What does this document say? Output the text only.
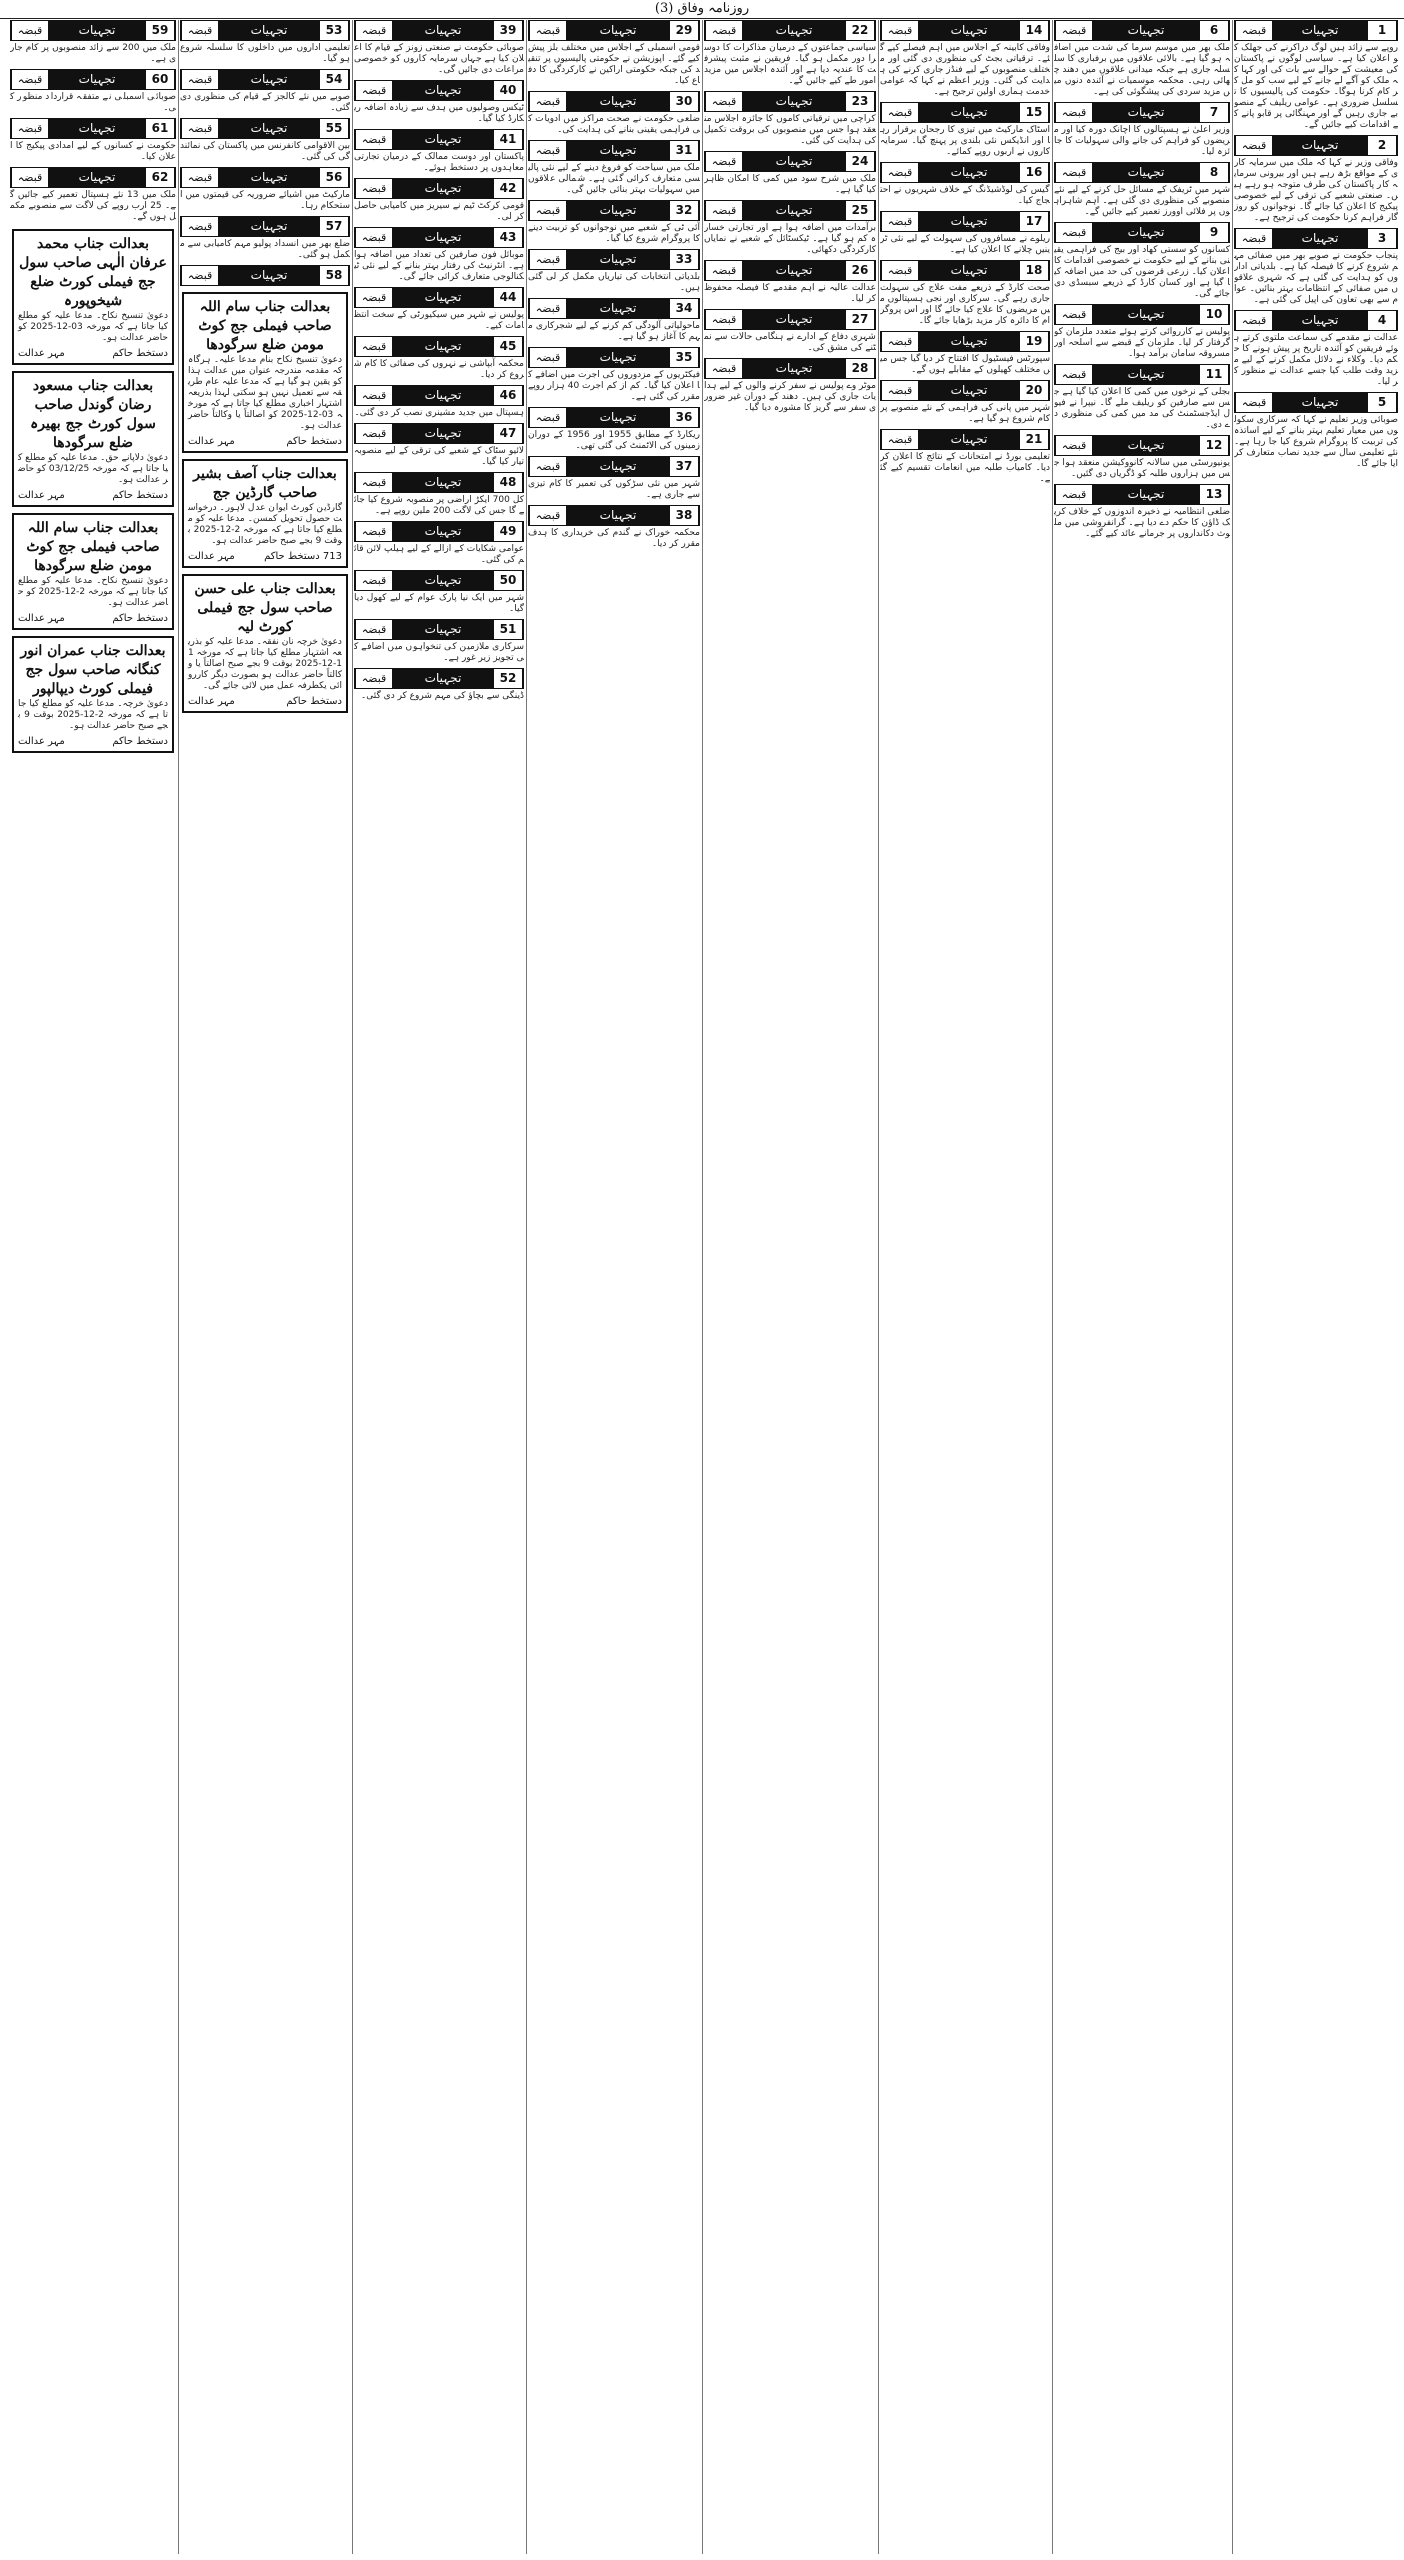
روزنامہ وفاق (3)
قبضہ	تجہیات	1
روپے سے زائد ہیں لوگ دراکرنے کی جھلک کو اعلان کیا ہے۔ سیاسی لوگوں نے پاکستان کی معیشت کے حوالے سے بات کی اور کہا کہ ملک کو آگے لے جانے کے لیے سب کو مل کر کام کرنا ہوگا۔ حکومت کی پالیسیوں کا تسلسل ضروری ہے۔ عوامی ریلیف کے منصوبے جاری رہیں گے اور مہنگائی پر قابو پانے کے اقدامات کیے جائیں گے۔
قبضہ	تجہیات	2
وفاقی وزیر نے کہا کہ ملک میں سرمایہ کاری کے مواقع بڑھ رہے ہیں اور بیرونی سرمایہ کار پاکستان کی طرف متوجہ ہو رہے ہیں۔ صنعتی شعبے کی ترقی کے لیے خصوصی پیکیج کا اعلان کیا جائے گا۔ نوجوانوں کو روزگار فراہم کرنا حکومت کی ترجیح ہے۔
قبضہ	تجہیات	3
پنجاب حکومت نے صوبے بھر میں صفائی مہم شروع کرنے کا فیصلہ کیا ہے۔ بلدیاتی اداروں کو ہدایت کی گئی ہے کہ شہری علاقوں میں صفائی کے انتظامات بہتر بنائیں۔ عوام سے بھی تعاون کی اپیل کی گئی ہے۔
قبضہ	تجہیات	4
عدالت نے مقدمے کی سماعت ملتوی کرتے ہوئے فریقین کو آئندہ تاریخ پر پیش ہونے کا حکم دیا۔ وکلاء نے دلائل مکمل کرنے کے لیے مزید وقت طلب کیا جسے عدالت نے منظور کر لیا۔
قبضہ	تجہیات	5
صوبائی وزیر تعلیم نے کہا کہ سرکاری سکولوں میں معیار تعلیم بہتر بنانے کے لیے اساتذہ کی تربیت کا پروگرام شروع کیا جا رہا ہے۔ نئے تعلیمی سال سے جدید نصاب متعارف کرایا جائے گا۔
قبضہ	تجہیات	6
ملک بھر میں موسم سرما کی شدت میں اضافہ ہو گیا ہے۔ بالائی علاقوں میں برفباری کا سلسلہ جاری ہے جبکہ میدانی علاقوں میں دھند چھائی رہی۔ محکمہ موسمیات نے آئندہ دنوں میں مزید سردی کی پیشگوئی کی ہے۔
قبضہ	تجہیات	7
وزیر اعلیٰ نے ہسپتالوں کا اچانک دورہ کیا اور مریضوں کو فراہم کی جانے والی سہولیات کا جائزہ لیا۔
قبضہ	تجہیات	8
شہر میں ٹریفک کے مسائل حل کرنے کے لیے نئے منصوبے کی منظوری دی گئی ہے۔ اہم شاہراہوں پر فلائی اوورز تعمیر کیے جائیں گے۔
قبضہ	تجہیات	9
کسانوں کو سستی کھاد اور بیج کی فراہمی یقینی بنانے کے لیے حکومت نے خصوصی اقدامات کا اعلان کیا۔ زرعی قرضوں کی حد میں اضافہ کیا گیا ہے اور کسان کارڈ کے ذریعے سبسڈی دی جائے گی۔
قبضہ	تجہیات	10
پولیس نے کارروائی کرتے ہوئے متعدد ملزمان کو گرفتار کر لیا۔ ملزمان کے قبضے سے اسلحہ اور مسروقہ سامان برآمد ہوا۔
قبضہ	تجہیات	11
بجلی کے نرخوں میں کمی کا اعلان کیا گیا ہے جس سے صارفین کو ریلیف ملے گا۔ نیپرا نے فیول ایڈجسٹمنٹ کی مد میں کمی کی منظوری دے دی۔
قبضہ	تجہیات	12
یونیورسٹی میں سالانہ کانووکیشن منعقد ہوا جس میں ہزاروں طلبہ کو ڈگریاں دی گئیں۔
قبضہ	تجہیات	13
ضلعی انتظامیہ نے ذخیرہ اندوزوں کے خلاف کریک ڈاؤن کا حکم دے دیا ہے۔ گرانفروشی میں ملوث دکانداروں پر جرمانے عائد کیے گئے۔
قبضہ	تجہیات	14
وفاقی کابینہ کے اجلاس میں اہم فیصلے کیے گئے۔ ترقیاتی بجٹ کی منظوری دی گئی اور مختلف منصوبوں کے لیے فنڈز جاری کرنے کی ہدایت کی گئی۔ وزیر اعظم نے کہا کہ عوامی خدمت ہماری اولین ترجیح ہے۔
قبضہ	تجہیات	15
اسٹاک مارکیٹ میں تیزی کا رجحان برقرار رہا اور انڈیکس نئی بلندی پر پہنچ گیا۔ سرمایہ کاروں نے اربوں روپے کمائے۔
قبضہ	تجہیات	16
گیس کی لوڈشیڈنگ کے خلاف شہریوں نے احتجاج کیا۔
قبضہ	تجہیات	17
ریلوے نے مسافروں کی سہولت کے لیے نئی ٹرینیں چلانے کا اعلان کیا ہے۔
قبضہ	تجہیات	18
صحت کارڈ کے ذریعے مفت علاج کی سہولت جاری رہے گی۔ سرکاری اور نجی ہسپتالوں میں مریضوں کا علاج کیا جائے گا اور اس پروگرام کا دائرہ کار مزید بڑھایا جائے گا۔
قبضہ	تجہیات	19
سپورٹس فیسٹیول کا افتتاح کر دیا گیا جس میں مختلف کھیلوں کے مقابلے ہوں گے۔
قبضہ	تجہیات	20
شہر میں پانی کی فراہمی کے نئے منصوبے پر کام شروع ہو گیا ہے۔
قبضہ	تجہیات	21
تعلیمی بورڈ نے امتحانات کے نتائج کا اعلان کر دیا۔ کامیاب طلبہ میں انعامات تقسیم کیے گئے۔
قبضہ	تجہیات	22
سیاسی جماعتوں کے درمیان مذاکرات کا دوسرا دور مکمل ہو گیا۔ فریقین نے مثبت پیشرفت کا عندیہ دیا ہے اور آئندہ اجلاس میں مزید امور طے کیے جائیں گے۔
قبضہ	تجہیات	23
کراچی میں ترقیاتی کاموں کا جائزہ اجلاس منعقد ہوا جس میں منصوبوں کی بروقت تکمیل کی ہدایت کی گئی۔
قبضہ	تجہیات	24
ملک میں شرح سود میں کمی کا امکان ظاہر کیا گیا ہے۔
قبضہ	تجہیات	25
برآمدات میں اضافہ ہوا ہے اور تجارتی خسارہ کم ہو گیا ہے۔ ٹیکسٹائل کے شعبے نے نمایاں کارکردگی دکھائی۔
قبضہ	تجہیات	26
عدالت عالیہ نے اہم مقدمے کا فیصلہ محفوظ کر لیا۔
قبضہ	تجہیات	27
شہری دفاع کے ادارے نے ہنگامی حالات سے نمٹنے کی مشق کی۔
قبضہ	تجہیات	28
موٹر وے پولیس نے سفر کرنے والوں کے لیے ہدایات جاری کی ہیں۔ دھند کے دوران غیر ضروری سفر سے گریز کا مشورہ دیا گیا۔
قبضہ	تجہیات	29
قومی اسمبلی کے اجلاس میں مختلف بلز پیش کیے گئے۔ اپوزیشن نے حکومتی پالیسیوں پر تنقید کی جبکہ حکومتی اراکین نے کارکردگی کا دفاع کیا۔
قبضہ	تجہیات	30
ضلعی حکومت نے صحت مراکز میں ادویات کی فراہمی یقینی بنانے کی ہدایت کی۔
قبضہ	تجہیات	31
ملک میں سیاحت کو فروغ دینے کے لیے نئی پالیسی متعارف کرائی گئی ہے۔ شمالی علاقوں میں سہولیات بہتر بنائی جائیں گی۔
قبضہ	تجہیات	32
آئی ٹی کے شعبے میں نوجوانوں کو تربیت دینے کا پروگرام شروع کیا گیا۔
قبضہ	تجہیات	33
بلدیاتی انتخابات کی تیاریاں مکمل کر لی گئی ہیں۔
قبضہ	تجہیات	34
ماحولیاتی آلودگی کم کرنے کے لیے شجرکاری مہم کا آغاز ہو گیا ہے۔
قبضہ	تجہیات	35
فیکٹریوں کے مزدوروں کی اجرت میں اضافے کا اعلان کیا گیا۔ کم از کم اجرت 40 ہزار روپے مقرر کی گئی ہے۔
قبضہ	تجہیات	36
ریکارڈ کے مطابق 1955 اور 1956 کے دوران زمینوں کی الاٹمنٹ کی گئی تھی۔
قبضہ	تجہیات	37
شہر میں نئی سڑکوں کی تعمیر کا کام تیزی سے جاری ہے۔
قبضہ	تجہیات	38
محکمہ خوراک نے گندم کی خریداری کا ہدف مقرر کر دیا۔
قبضہ	تجہیات	39
صوبائی حکومت نے صنعتی زونز کے قیام کا اعلان کیا ہے جہاں سرمایہ کاروں کو خصوصی مراعات دی جائیں گی۔
قبضہ	تجہیات	40
ٹیکس وصولیوں میں ہدف سے زیادہ اضافہ ریکارڈ کیا گیا۔
قبضہ	تجہیات	41
پاکستان اور دوست ممالک کے درمیان تجارتی معاہدوں پر دستخط ہوئے۔
قبضہ	تجہیات	42
قومی کرکٹ ٹیم نے سیریز میں کامیابی حاصل کر لی۔
قبضہ	تجہیات	43
موبائل فون صارفین کی تعداد میں اضافہ ہوا ہے۔ انٹرنیٹ کی رفتار بہتر بنانے کے لیے نئی ٹیکنالوجی متعارف کرائی جائے گی۔
قبضہ	تجہیات	44
پولیس نے شہر میں سیکیورٹی کے سخت انتظامات کیے۔
قبضہ	تجہیات	45
محکمہ آبپاشی نے نہروں کی صفائی کا کام شروع کر دیا۔
قبضہ	تجہیات	46
ہسپتال میں جدید مشینری نصب کر دی گئی۔
قبضہ	تجہیات	47
لائیو سٹاک کے شعبے کی ترقی کے لیے منصوبہ تیار کیا گیا۔
قبضہ	تجہیات	48
کل 700 ایکڑ اراضی پر منصوبہ شروع کیا جائے گا جس کی لاگت 200 ملین روپے ہے۔
قبضہ	تجہیات	49
عوامی شکایات کے ازالے کے لیے ہیلپ لائن قائم کی گئی۔
قبضہ	تجہیات	50
شہر میں ایک نیا پارک عوام کے لیے کھول دیا گیا۔
قبضہ	تجہیات	51
سرکاری ملازمین کی تنخواہوں میں اضافے کی تجویز زیر غور ہے۔
قبضہ	تجہیات	52
ڈینگی سے بچاؤ کی مہم شروع کر دی گئی۔
قبضہ	تجہیات	53
تعلیمی اداروں میں داخلوں کا سلسلہ شروع ہو گیا۔
قبضہ	تجہیات	54
صوبے میں نئے کالجز کے قیام کی منظوری دی گئی۔
قبضہ	تجہیات	55
بین الاقوامی کانفرنس میں پاکستان کی نمائندگی کی گئی۔
قبضہ	تجہیات	56
مارکیٹ میں اشیائے ضروریہ کی قیمتوں میں استحکام رہا۔
قبضہ	تجہیات	57
ضلع بھر میں انسداد پولیو مہم کامیابی سے مکمل ہو گئی۔
قبضہ	تجہیات	58
بعدالت جناب سام اللہ صاحب فیملی جج کوٹ مومن ضلع سرگودھا
دعویٰ تنسیخ نکاح بنام مدعا علیہ۔ ہرگاہ کہ مقدمہ مندرجہ عنوان میں عدالت ہذا کو یقین ہو گیا ہے کہ مدعا علیہ عام طریقہ سے تعمیل نہیں ہو سکتی لہذا بذریعہ اشتہار اخباری مطلع کیا جاتا ہے کہ مورخہ 03-12-2025 کو اصالتاً یا وکالتاً حاضر عدالت ہو۔
دستخط حاکم
مہر عدالت
بعدالت جناب آصف بشیر صاحب گارڈین جج
گارڈین کورٹ ایوان عدل لاہور۔ درخواست حصول تحویل کمسن۔ مدعا علیہ کو مطلع کیا جاتا ہے کہ مورخہ 2-12-2025 بوقت 9 بجے صبح حاضر عدالت ہو۔
713 دستخط حاکم
مہر عدالت
بعدالت جناب علی حسن صاحب سول جج فیملی کورٹ لیہ
دعویٰ خرچہ نان نفقہ۔ مدعا علیہ کو بذریعہ اشتہار مطلع کیا جاتا ہے کہ مورخہ 11-12-2025 بوقت 9 بجے صبح اصالتاً یا وکالتاً حاضر عدالت ہو بصورت دیگر کارروائی یکطرفہ عمل میں لائی جائے گی۔
دستخط حاکم
مہر عدالت
قبضہ	تجہیات	59
ملک میں 200 سے زائد منصوبوں پر کام جاری ہے۔
قبضہ	تجہیات	60
صوبائی اسمبلی نے متفقہ قرارداد منظور کی۔
قبضہ	تجہیات	61
حکومت نے کسانوں کے لیے امدادی پیکیج کا اعلان کیا۔
قبضہ	تجہیات	62
ملک میں 13 نئے ہسپتال تعمیر کیے جائیں گے۔ 25 ارب روپے کی لاگت سے منصوبے مکمل ہوں گے۔
بعدالت جناب محمد عرفان الٰہی صاحب سول جج فیملی کورٹ ضلع شیخوپورہ
دعویٰ تنسیخ نکاح۔ مدعا علیہ کو مطلع کیا جاتا ہے کہ مورخہ 03-12-2025 کو حاضر عدالت ہو۔
دستخط حاکم
مہر عدالت
بعدالت جناب مسعود رضان گوندل صاحب سول کورٹ جج بھیرہ ضلع سرگودھا
دعویٰ دلاپانے حق۔ مدعا علیہ کو مطلع کیا جاتا ہے کہ مورخہ 03/12/25 کو حاضر عدالت ہو۔
دستخط حاکم
مہر عدالت
بعدالت جناب سام اللہ صاحب فیملی جج کوٹ مومن ضلع سرگودھا
دعویٰ تنسیخ نکاح۔ مدعا علیہ کو مطلع کیا جاتا ہے کہ مورخہ 2-12-2025 کو حاضر عدالت ہو۔
دستخط حاکم
مہر عدالت
بعدالت جناب عمران انور کنگانہ صاحب سول جج فیملی کورٹ دیپالپور
دعویٰ خرچہ۔ مدعا علیہ کو مطلع کیا جاتا ہے کہ مورخہ 2-12-2025 بوقت 9 بجے صبح حاضر عدالت ہو۔
دستخط حاکم
مہر عدالت
